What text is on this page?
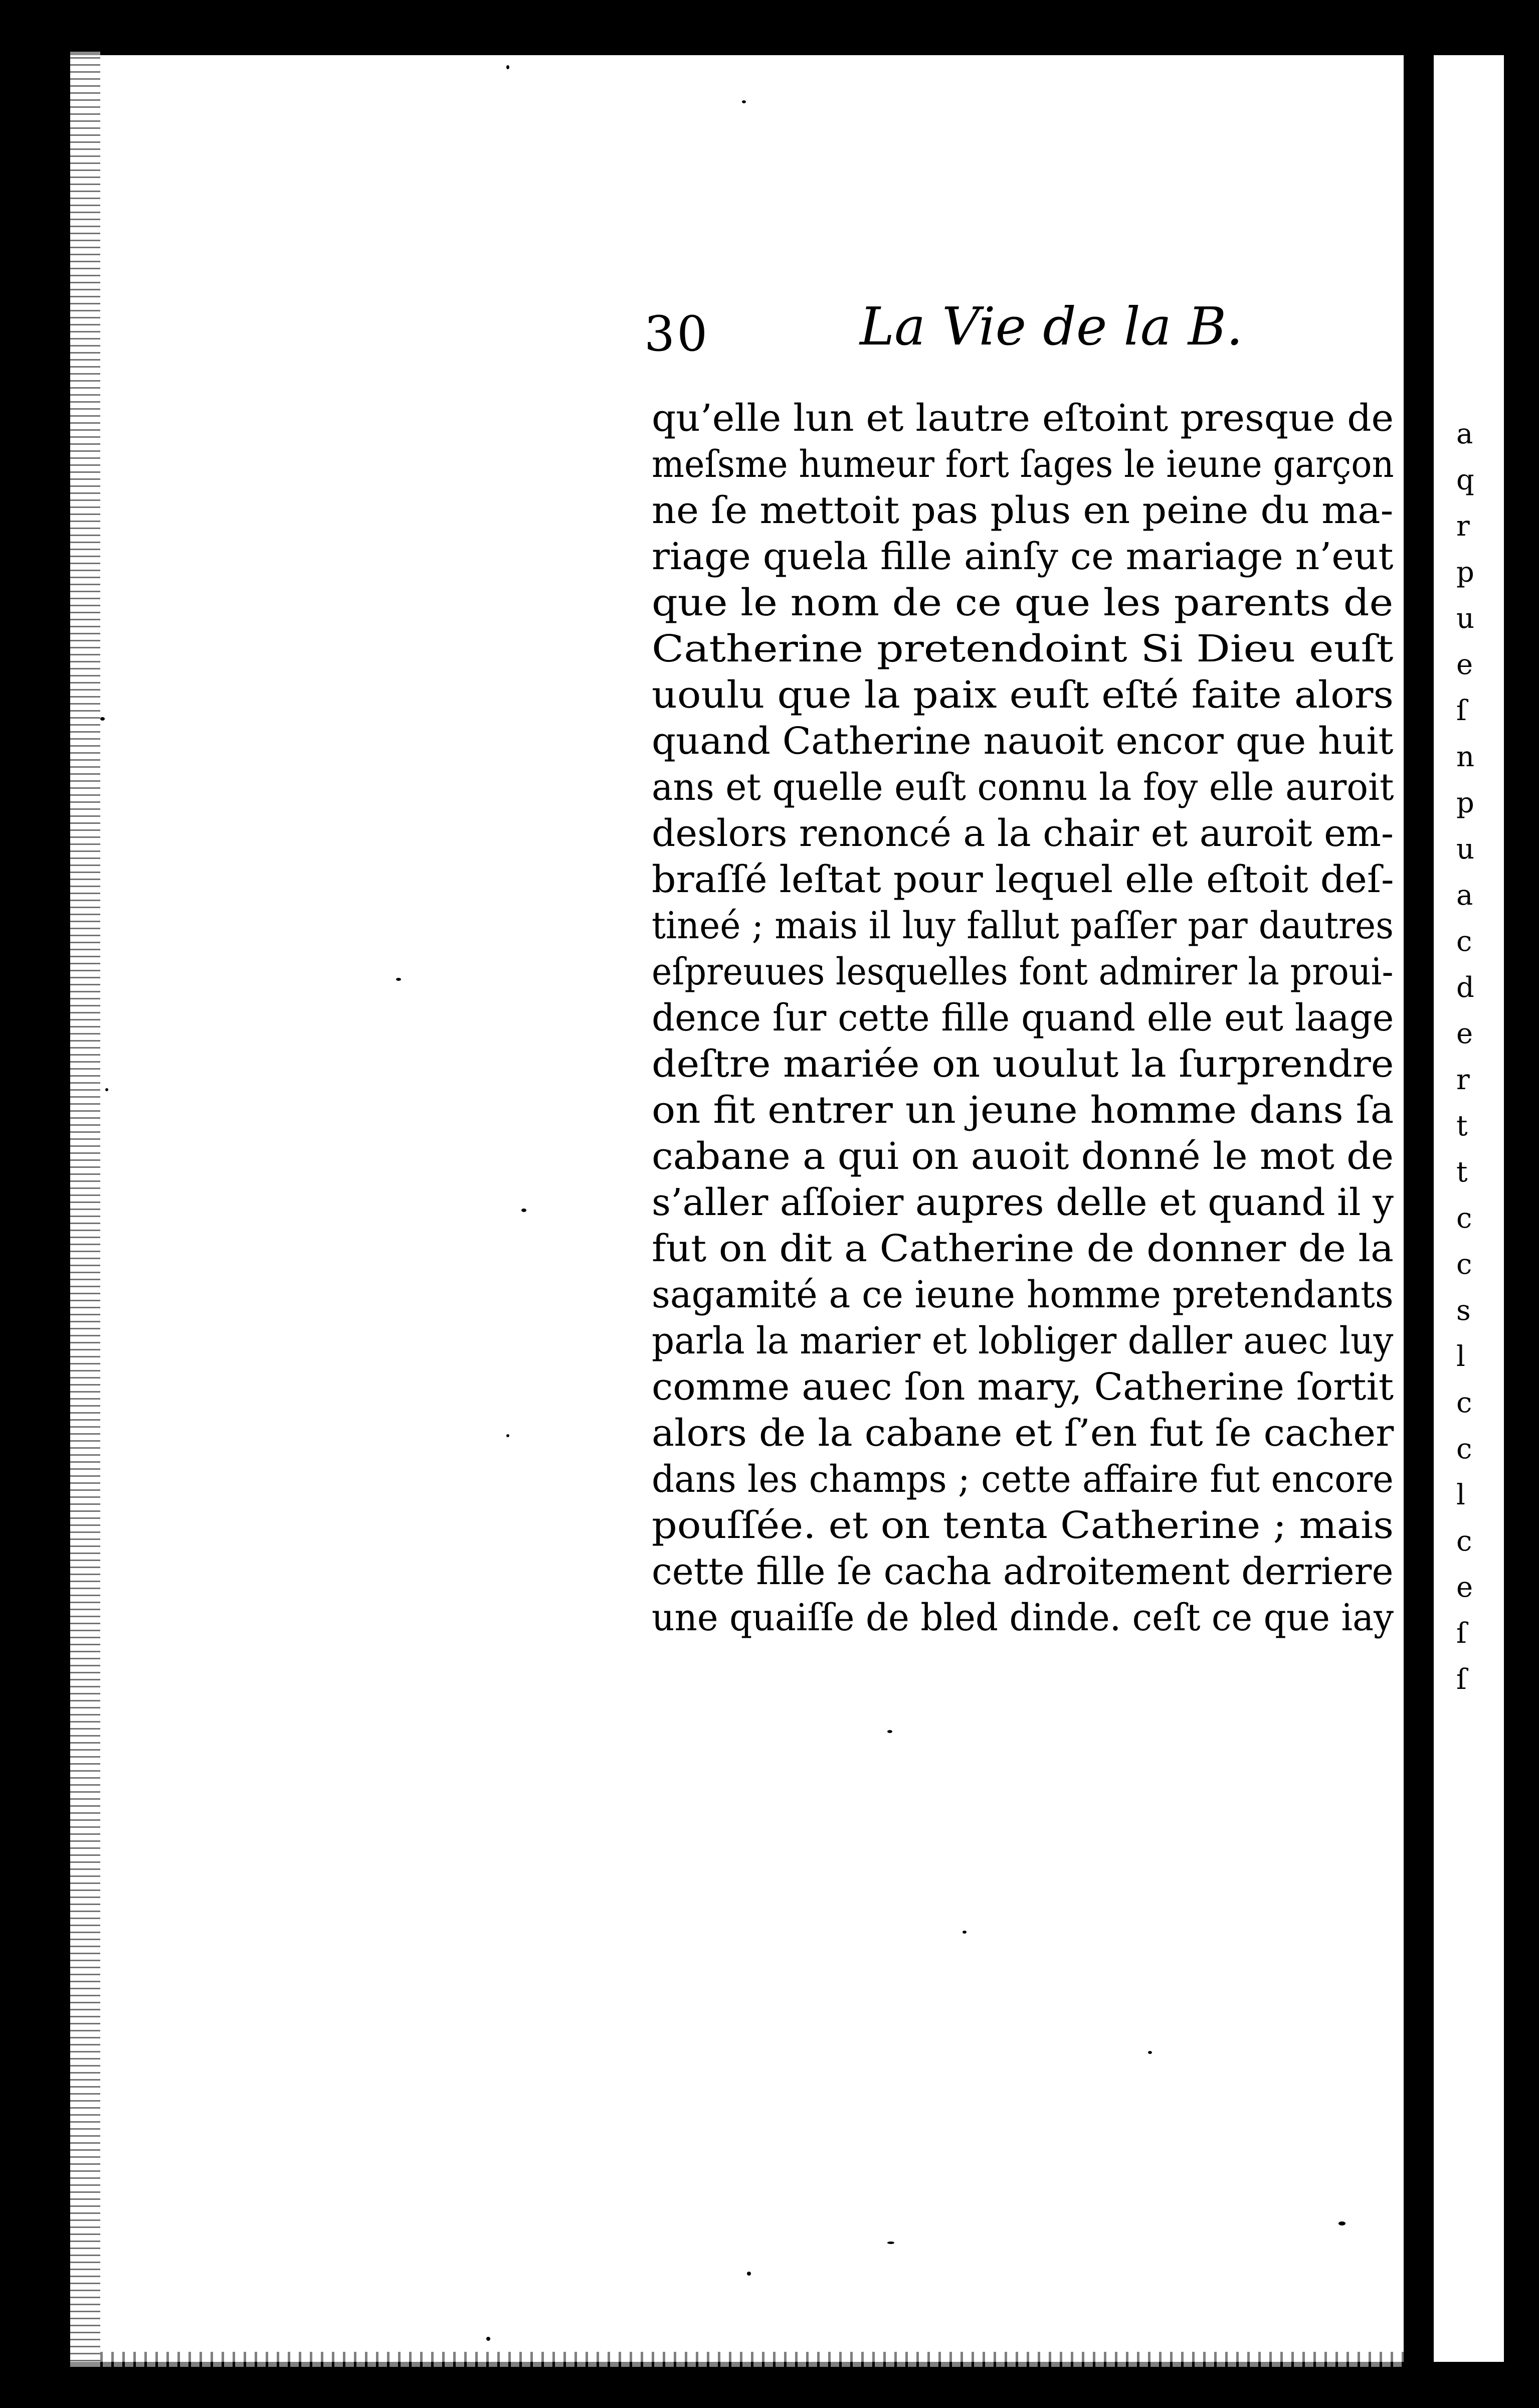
a
q
r
p
u
e
ſ
n
p
u
a
c
d
e
r
t
t
c
c
s
l
c
c
l
c
e
ſ
ſ
30	La Vie de la B.
qu’elle lun et lautre eſtoint presque de
meſsme humeur fort ſages le ieune garçon
ne ſe mettoit pas plus en peine du ma-
riage quela fille ainſy ce mariage n’eut
que le nom de ce que les parents de
Catherine pretendoint Si Dieu euſt
uoulu que la paix euſt eſté faite alors
quand Catherine nauoit encor que huit
ans et quelle euſt connu la foy elle auroit
deslors renoncé a la chair et auroit em-
braſſé leſtat pour lequel elle eſtoit deſ-
tineé ; mais il luy fallut paſſer par dautres
eſpreuues lesquelles font admirer la proui-
dence ſur cette fille quand elle eut laage
deſtre mariée on uoulut la ſurprendre
on fit entrer un jeune homme dans ſa
cabane a qui on auoit donné le mot de
s’aller aſſoier aupres delle et quand il y
fut on dit a Catherine de donner de la
sagamité a ce ieune homme pretendants
parla la marier et lobliger daller auec luy
comme auec ſon mary, Catherine ſortit
alors de la cabane et ſ’en fut ſe cacher
dans les champs ; cette affaire fut encore
pouſſée. et on tenta Catherine ; mais
cette fille ſe cacha adroitement derriere
une quaiſſe de bled dinde. ceſt ce que iay
